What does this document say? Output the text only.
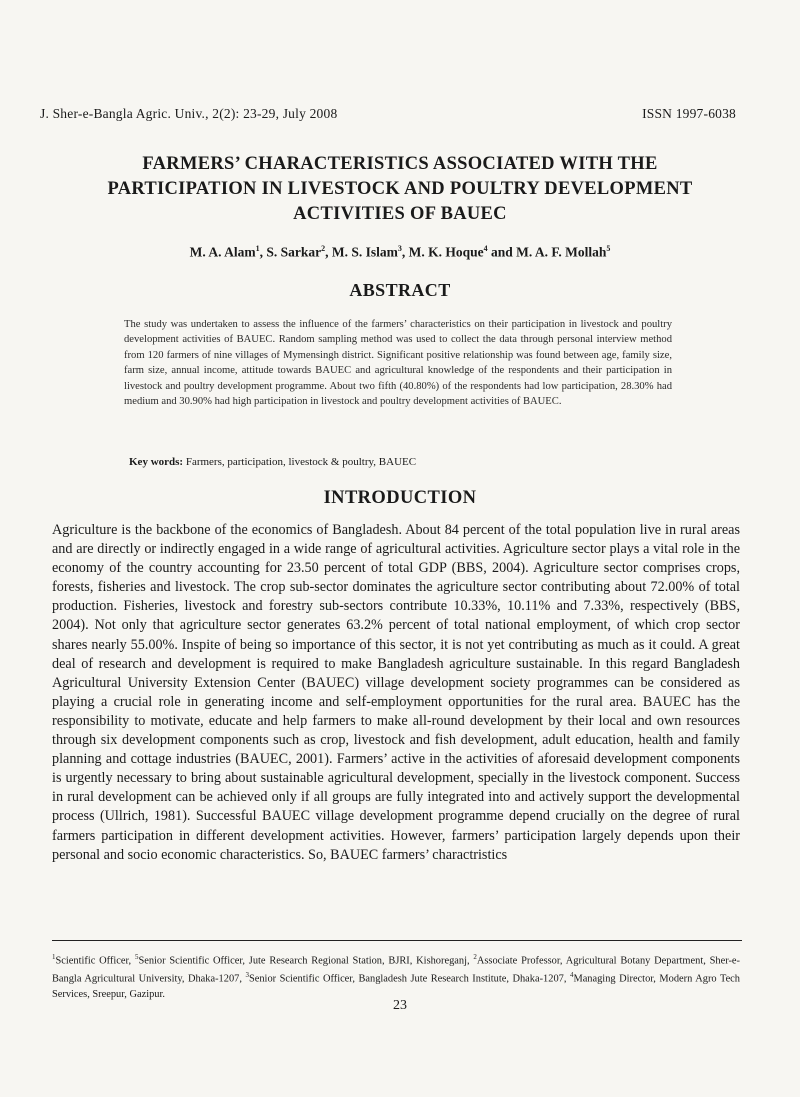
J. Sher-e-Bangla Agric. Univ., 2(2): 23-29, July 2008	ISSN 1997-6038
FARMERS’ CHARACTERISTICS ASSOCIATED WITH THE
PARTICIPATION IN LIVESTOCK AND POULTRY DEVELOPMENT
ACTIVITIES OF BAUEC
M. A. Alam$^1$, S. Sarkar$^2$, M. S. Islam$^3$, M. K. Hoque$^4$ and M. A. F. Mollah$^5$
ABSTRACT
The study was undertaken to assess the influence of the farmers’ characteristics on their participation in livestock and poultry development activities of BAUEC. Random sampling method was used to collect the data through personal interview method from 120 farmers of nine villages of Mymensingh district. Significant positive relationship was found between age, family size, farm size, annual income, attitude towards BAUEC and agricultural knowledge of the respondents and their participation in livestock and poultry development programme. About two fifth (40.80%) of the respondents had low participation, 28.30% had medium and 30.90% had high participation in livestock and poultry development activities of BAUEC.
Key words: Farmers, participation, livestock & poultry, BAUEC
INTRODUCTION
Agriculture is the backbone of the economics of Bangladesh. About 84 percent of the total population live in rural areas and are directly or indirectly engaged in a wide range of agricultural activities. Agriculture sector plays a vital role in the economy of the country accounting for 23.50 percent of total GDP (BBS, 2004). Agriculture sector comprises crops, forests, fisheries and livestock. The crop sub-sector dominates the agriculture sector contributing about 72.00% of total production. Fisheries, livestock and forestry sub-sectors contribute 10.33%, 10.11% and 7.33%, respectively (BBS, 2004). Not only that agriculture sector generates 63.2% percent of total national employment, of which crop sector shares nearly 55.00%. Inspite of being so importance of this sector, it is not yet contributing as much as it could. A great deal of research and development is required to make Bangladesh agriculture sustainable. In this regard Bangladesh Agricultural University Extension Center (BAUEC) village development society programmes can be considered as playing a crucial role in generating income and self-employment opportunities for the rural area. BAUEC has the responsibility to motivate, educate and help farmers to make all-round development by their local and own resources through six development components such as crop, livestock and fish development, adult education, health and family planning and cottage industries (BAUEC, 2001). Farmers’ active in the activities of aforesaid development components is urgently necessary to bring about sustainable agricultural development, specially in the livestock component. Success in rural development can be achieved only if all groups are fully integrated into and actively support the developmental process (Ullrich, 1981). Successful BAUEC village development programme depend crucially on the degree of rural farmers participation in different development activities. However, farmers’ participation largely depends upon their personal and socio economic characteristics. So, BAUEC farmers’ charactristics
$^1$Scientific Officer, $^5$Senior Scientific Officer, Jute Research Regional Station, BJRI, Kishoreganj, $^2$Associate Professor, Agricultural Botany Department, Sher-e-Bangla Agricultural University, Dhaka-1207, $^3$Senior Scientific Officer, Bangladesh Jute Research Institute, Dhaka-1207, $^4$Managing Director, Modern Agro Tech Services, Sreepur, Gazipur.
23
